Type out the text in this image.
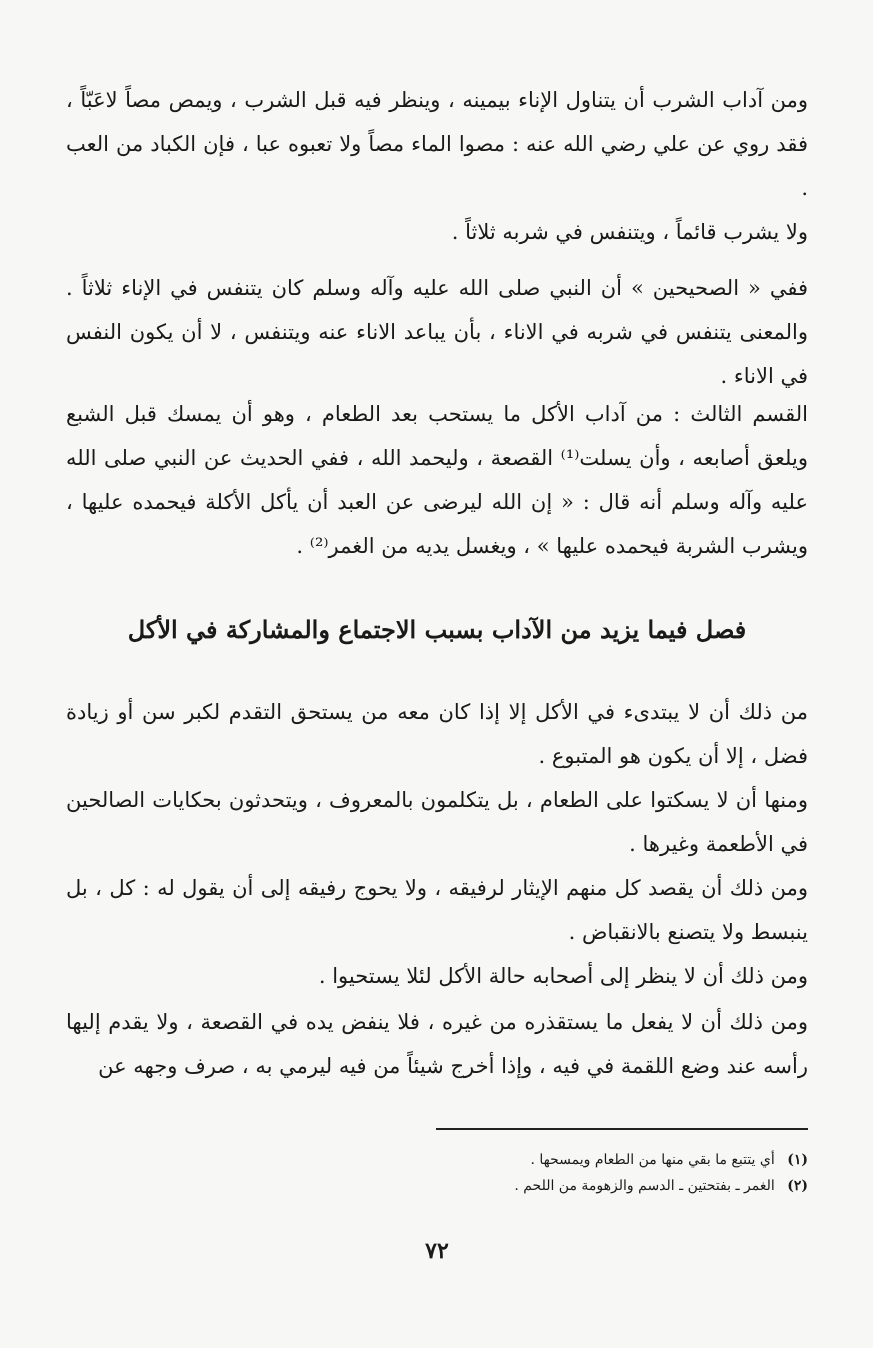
ومن آداب الشرب أن يتناول الإناء بيمينه ، وينظر فيه قبل الشرب ، ويمص مصاً لاعَبّاً ، فقد روي عن علي رضي الله عنه : مصوا الماء مصاً ولا تعبوه عبا ، فإن الكباد من العب .

ولا يشرب قائماً ، ويتنفس في شربه ثلاثاً .

ففي « الصحيحين » أن النبي صلى الله عليه وآله وسلم كان يتنفس في الإناء ثلاثاً . والمعنى يتنفس في شربه في الاناء ، بأن يباعد الاناء عنه ويتنفس ، لا أن يكون النفس في الاناء .

القسم الثالث : من آداب الأكل ما يستحب بعد الطعام ، وهو أن يمسك قبل الشبع ويلعق أصابعه ، وأن يسلت⁽¹⁾ القصعة ، وليحمد الله ، ففي الحديث عن النبي صلى الله عليه وآله وسلم أنه قال : « إن الله ليرضى عن العبد أن يأكل الأكلة فيحمده عليها ، ويشرب الشربة فيحمده عليها » ، ويغسل يديه من الغمر⁽²⁾ .

فصل فيما يزيد من الآداب بسبب الاجتماع والمشاركة في الأكل

من ذلك أن لا يبتدىء في الأكل إلا إذا كان معه من يستحق التقدم لكبر سن أو زيادة فضل ، إلا أن يكون هو المتبوع .

ومنها أن لا يسكتوا على الطعام ، بل يتكلمون بالمعروف ، ويتحدثون بحكايات الصالحين في الأطعمة وغيرها .

ومن ذلك أن يقصد كل منهم الإيثار لرفيقه ، ولا يحوج رفيقه إلى أن يقول له : كل ، بل ينبسط ولا يتصنع بالانقباض .

ومن ذلك أن لا ينظر إلى أصحابه حالة الأكل لئلا يستحيوا .

ومن ذلك أن لا يفعل ما يستقذره من غيره ، فلا ينفض يده في القصعة ، ولا يقدم إليها رأسه عند وضع اللقمة في فيه ، وإذا أخرج شيئاً من فيه ليرمي به ، صرف وجهه عن

(١) أي يتتبع ما بقي منها من الطعام ويمسحها .
(٢) الغمر ـ بفتحتين ـ الدسم والزهومة من اللحم .
٧٢
